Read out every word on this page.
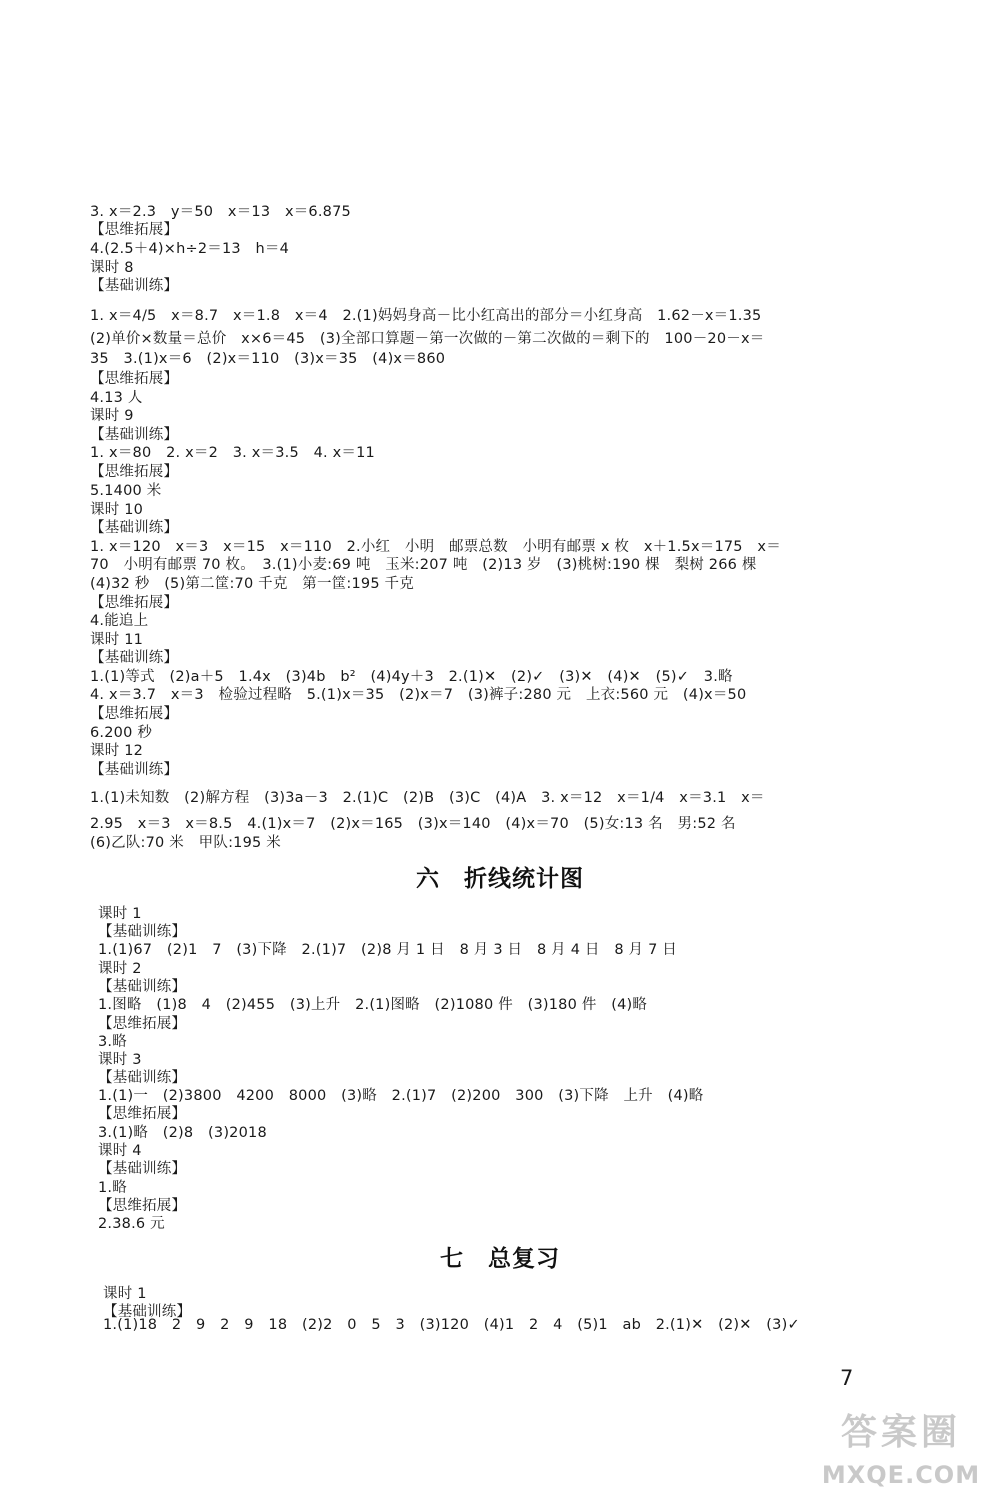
3. x＝2.3　y＝50　x＝13　x＝6.875
【思维拓展】
4.(2.5＋4)×h÷2＝13　h＝4
课时 8
【基础训练】
1. x＝4/5　x＝8.7　x＝1.8　x＝4　2.(1)妈妈身高－比小红高出的部分＝小红身高　1.62－x＝1.35
(2)单价×数量＝总价　x×6＝45　(3)全部口算题－第一次做的－第二次做的＝剩下的　100－20－x＝
35　3.(1)x＝6　(2)x＝110　(3)x＝35　(4)x＝860
【思维拓展】
4.13 人
课时 9
【基础训练】
1. x＝80　2. x＝2　3. x＝3.5　4. x＝11
【思维拓展】
5.1400 米
课时 10
【基础训练】
1. x＝120　x＝3　x＝15　x＝110　2.小红　小明　邮票总数　小明有邮票 x 枚　x＋1.5x＝175　x＝
70　小明有邮票 70 枚。　3.(1)小麦:69 吨　玉米:207 吨　(2)13 岁　(3)桃树:190 棵　梨树 266 棵
(4)32 秒　(5)第二筐:70 千克　第一筐:195 千克
【思维拓展】
4.能追上
课时 11
【基础训练】
1.(1)等式　(2)a＋5　1.4x　(3)4b　b²　(4)4y＋3　2.(1)✕　(2)✓　(3)✕　(4)✕　(5)✓　3.略
4. x＝3.7　x＝3　检验过程略　5.(1)x＝35　(2)x＝7　(3)裤子:280 元　上衣:560 元　(4)x＝50
【思维拓展】
6.200 秒
课时 12
【基础训练】
1.(1)未知数　(2)解方程　(3)3a－3　2.(1)C　(2)B　(3)C　(4)A　3. x＝12　x＝1/4　x＝3.1　x＝
2.95　x＝3　x＝8.5　4.(1)x＝7　(2)x＝165　(3)x＝140　(4)x＝70　(5)女:13 名　男:52 名
(6)乙队:70 米　甲队:195 米
六　折线统计图
课时 1
【基础训练】
1.(1)67　(2)1　7　(3)下降　2.(1)7　(2)8 月 1 日　8 月 3 日　8 月 4 日　8 月 7 日
课时 2
【基础训练】
1.图略　(1)8　4　(2)455　(3)上升　2.(1)图略　(2)1080 件　(3)180 件　(4)略
【思维拓展】
3.略
课时 3
【基础训练】
1.(1)一　(2)3800　4200　8000　(3)略　2.(1)7　(2)200　300　(3)下降　上升　(4)略
【思维拓展】
3.(1)略　(2)8　(3)2018
课时 4
【基础训练】
1.略
【思维拓展】
2.38.6 元
七　总复习
课时 1
【基础训练】
1.(1)18　2　9　2　9　18　(2)2　0　5　3　(3)120　(4)1　2　4　(5)1　ab　2.(1)✕　(2)✕　(3)✓
7
答案圈
MXQE.COM
